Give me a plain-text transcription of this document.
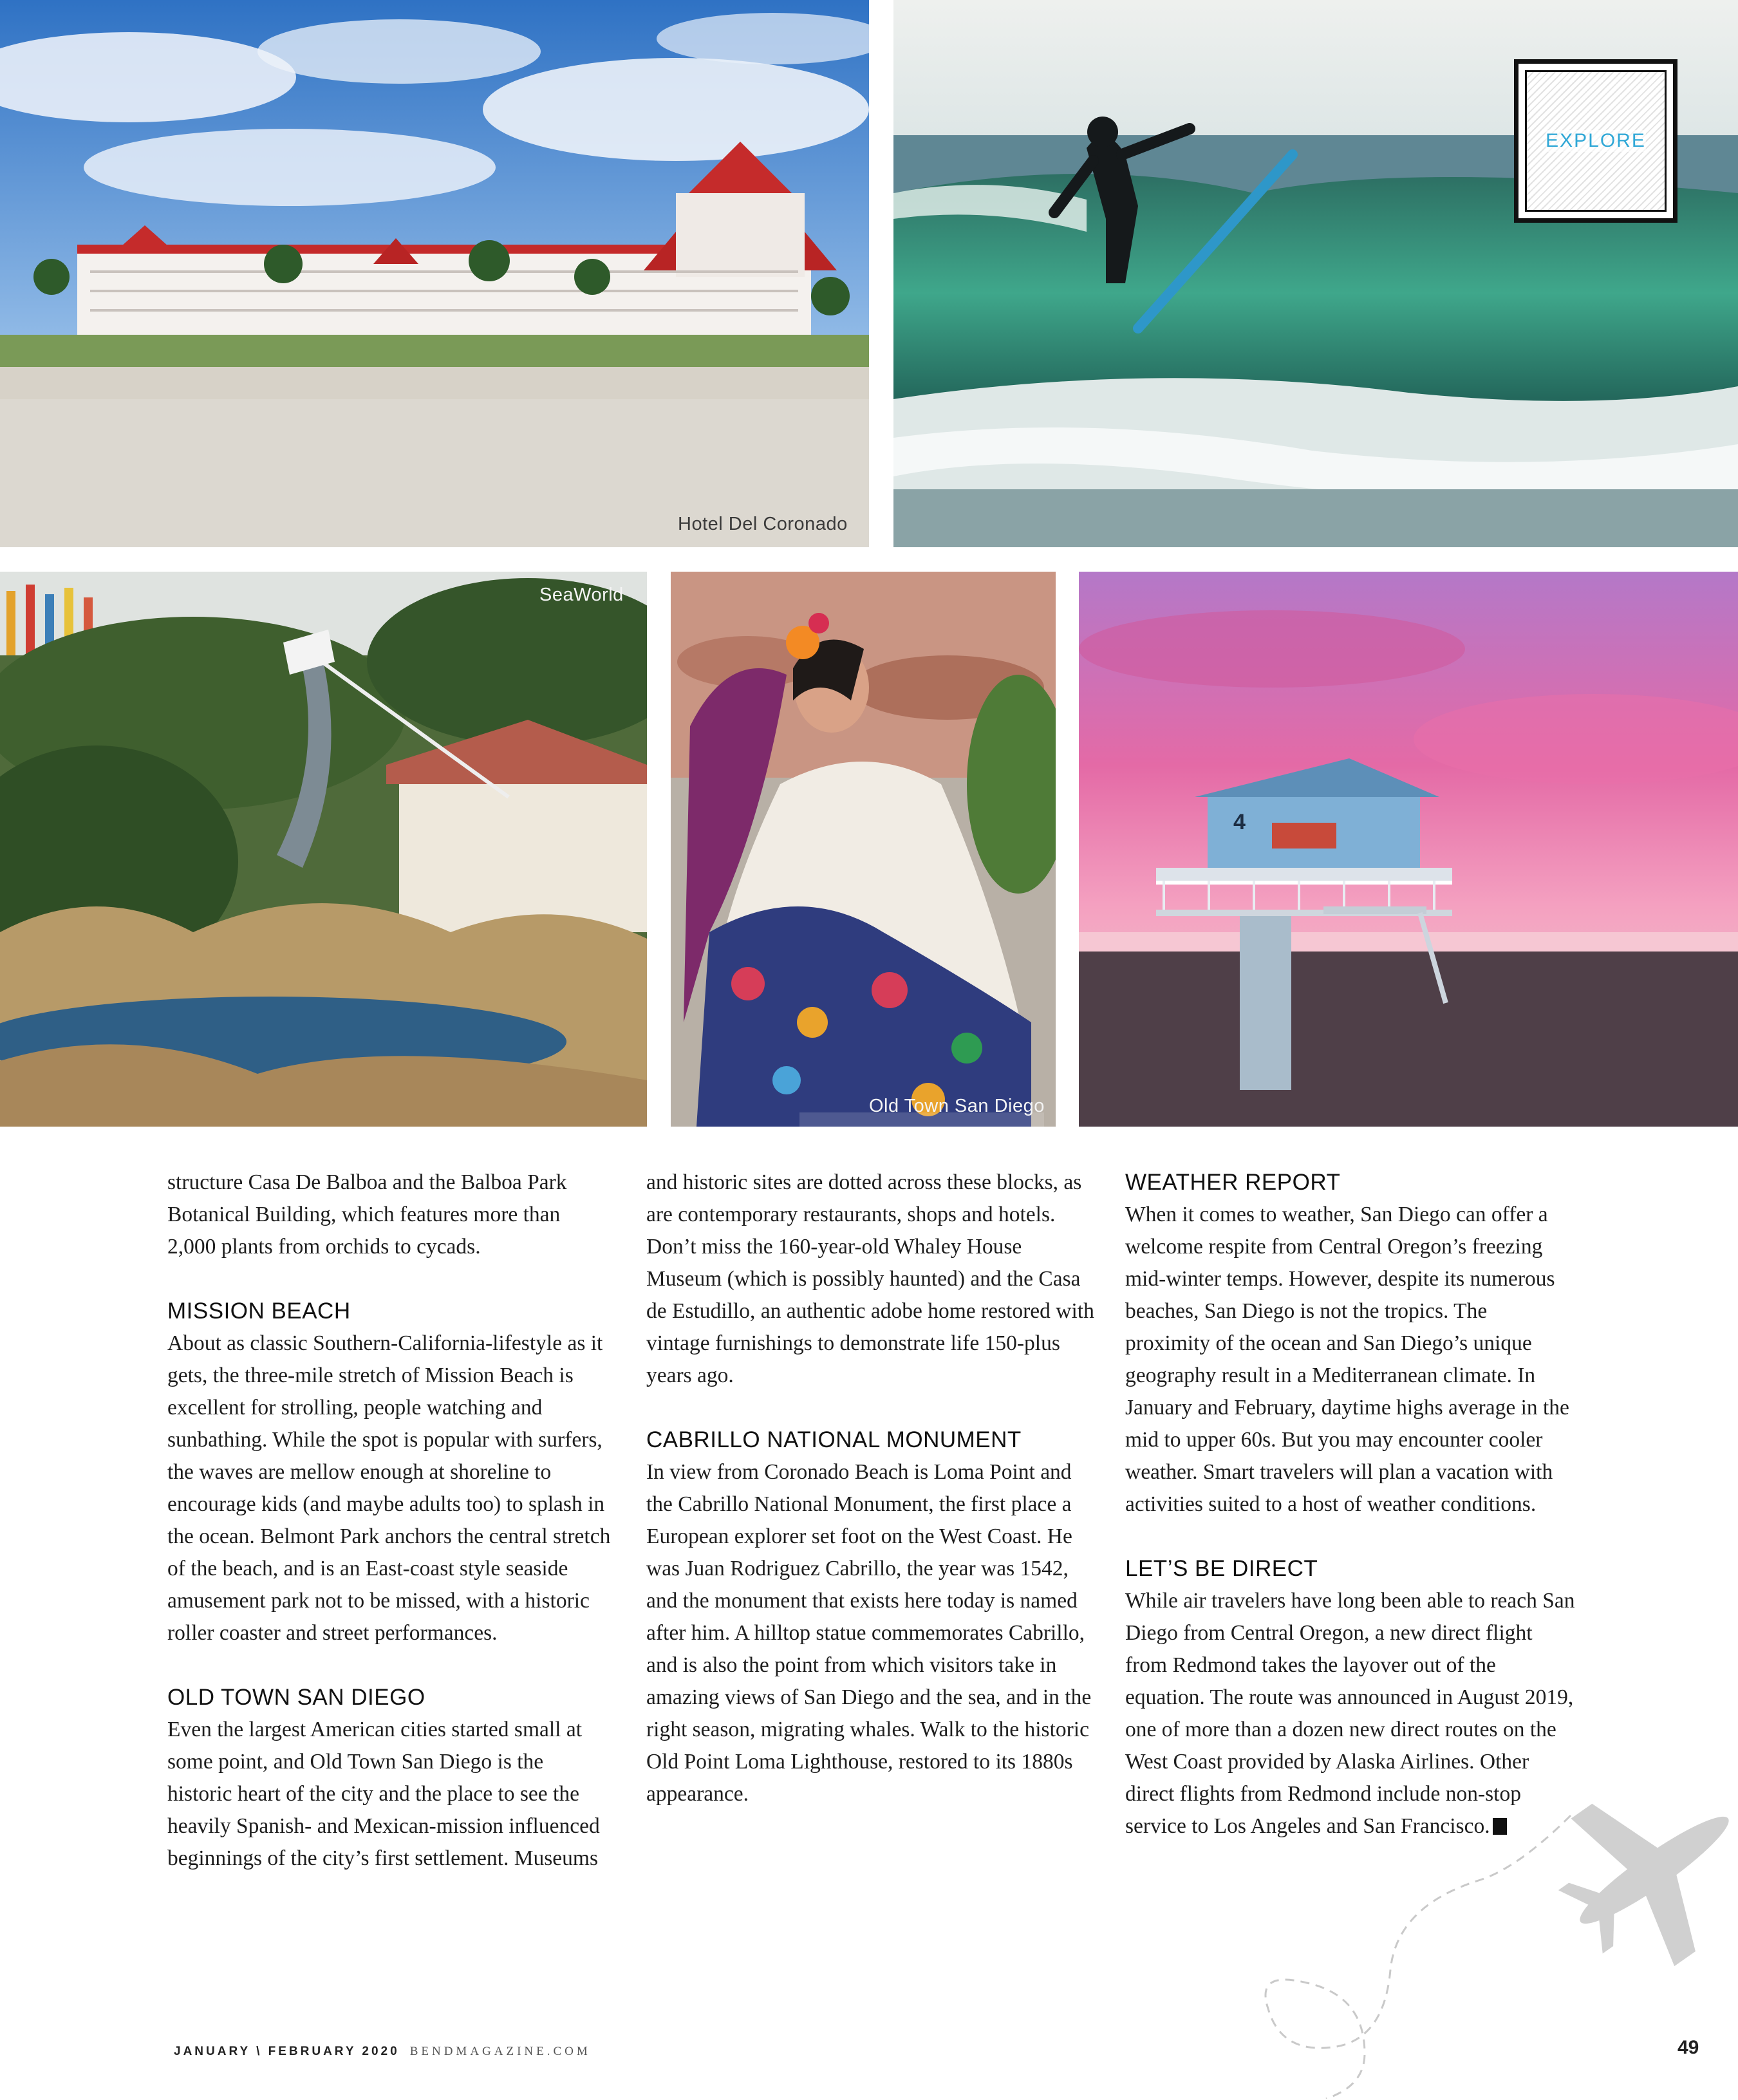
Hotel Del Coronado
EXPLORE
SeaWorld
Old Town San Diego
4

structure Casa De Balboa and the Balboa Park Botanical Building, which features more than 2,000 plants from orchids to cycads.

MISSION BEACH

About as classic Southern-California-lifestyle as it gets, the three-mile stretch of Mission Beach is excellent for strolling, people watching and sunbathing. While the spot is popular with surfers, the waves are mellow enough at shoreline to encourage kids (and maybe adults too) to splash in the ocean. Belmont Park anchors the central stretch of the beach, and is an East-coast style seaside amusement park not to be missed, with a historic roller coaster and street performances.

OLD TOWN SAN DIEGO

Even the largest American cities started small at some point, and Old Town San Diego is the historic heart of the city and the place to see the heavily Spanish- and Mexican-mission influenced beginnings of the city’s first settlement. Museums

and historic sites are dotted across these blocks, as are contemporary restaurants, shops and hotels. Don’t miss the 160-year-old Whaley House Museum (which is possibly haunted) and the Casa de Estudillo, an authentic adobe home restored with vintage furnishings to demonstrate life 150-plus years ago.

CABRILLO NATIONAL MONUMENT

In view from Coronado Beach is Loma Point and the Cabrillo National Monument, the first place a European explorer set foot on the West Coast. He was Juan Rodriguez Cabrillo, the year was 1542, and the monument that exists here today is named after him. A hilltop statue commemorates Cabrillo, and is also the point from which visitors take in amazing views of San Diego and the sea, and in the right season, migrating whales. Walk to the historic Old Point Loma Lighthouse, restored to its 1880s appearance.

WEATHER REPORT

When it comes to weather, San Diego can offer a welcome respite from Central Oregon’s freezing mid-winter temps. However, despite its numerous beaches, San Diego is not the tropics. The proximity of the ocean and San Diego’s unique geography result in a Mediterranean climate. In January and February, daytime highs average in the mid to upper 60s. But you may encounter cooler weather. Smart travelers will plan a vacation with activities suited to a host of weather conditions.

LET’S BE DIRECT

While air travelers have long been able to reach San Diego from Central Oregon, a new direct flight from Redmond takes the layover out of the equation. The route was announced in August 2019, one of more than a dozen new direct routes on the West Coast provided by Alaska Airlines. Other direct flights from Redmond include non-stop service to Los Angeles and San Francisco.

JANUARY \ FEBRUARY 2020 BENDMAGAZINE.COM	49
